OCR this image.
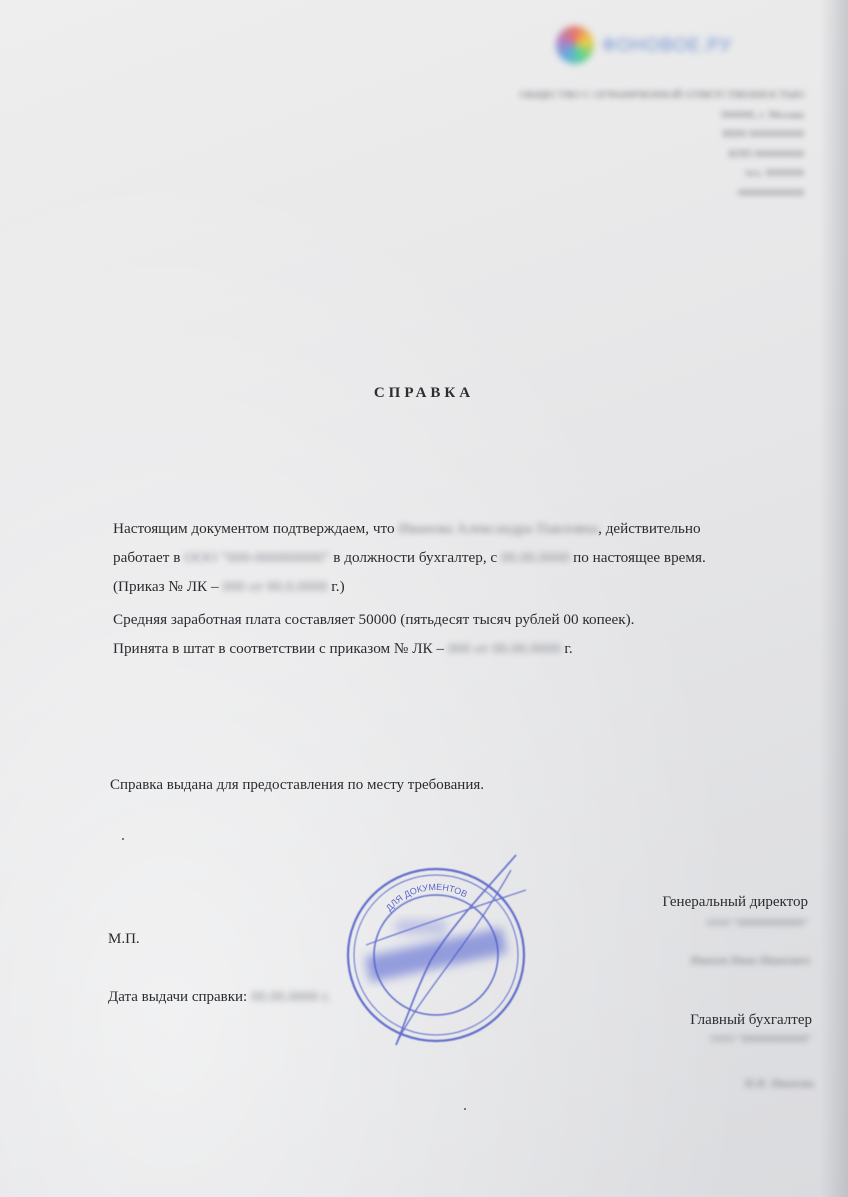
ФОНОВОЕ.РУ
ОБЩЕСТВО С ОГРАНИЧЕННОЙ ОТВЕТСТВЕННОСТЬЮ
000000, г. Москва
ИНН 0000000000
КПП 000000000
тел. 0000000
000000000000
СПРАВКА

Настоящим документом подтверждаем, что Иванова Александра Павловна, действительно

работает в ООО "000-000000000" в должности бухгалтер, с 00.00.0000 по настоящее время.

(Приказ № ЛК – 000 от 00.0.0000 г.)

Средняя заработная плата составляет 50000 (пятьдесят тысяч рублей 00 копеек).

Принята в штат в соответствии с приказом № ЛК – 000 от 00.00.0000 г.

Справка выдана для предоставления по месту требования.
М.П.
Дата выдачи справки: 00.00.0000 г.
Генеральный директор
ООО "000000000000"
Иванов Иван Иванович
Главный бухгалтер
ООО "000000000000"
И.И. Иванова
ДЛЯ ДОКУМЕНТОВ
